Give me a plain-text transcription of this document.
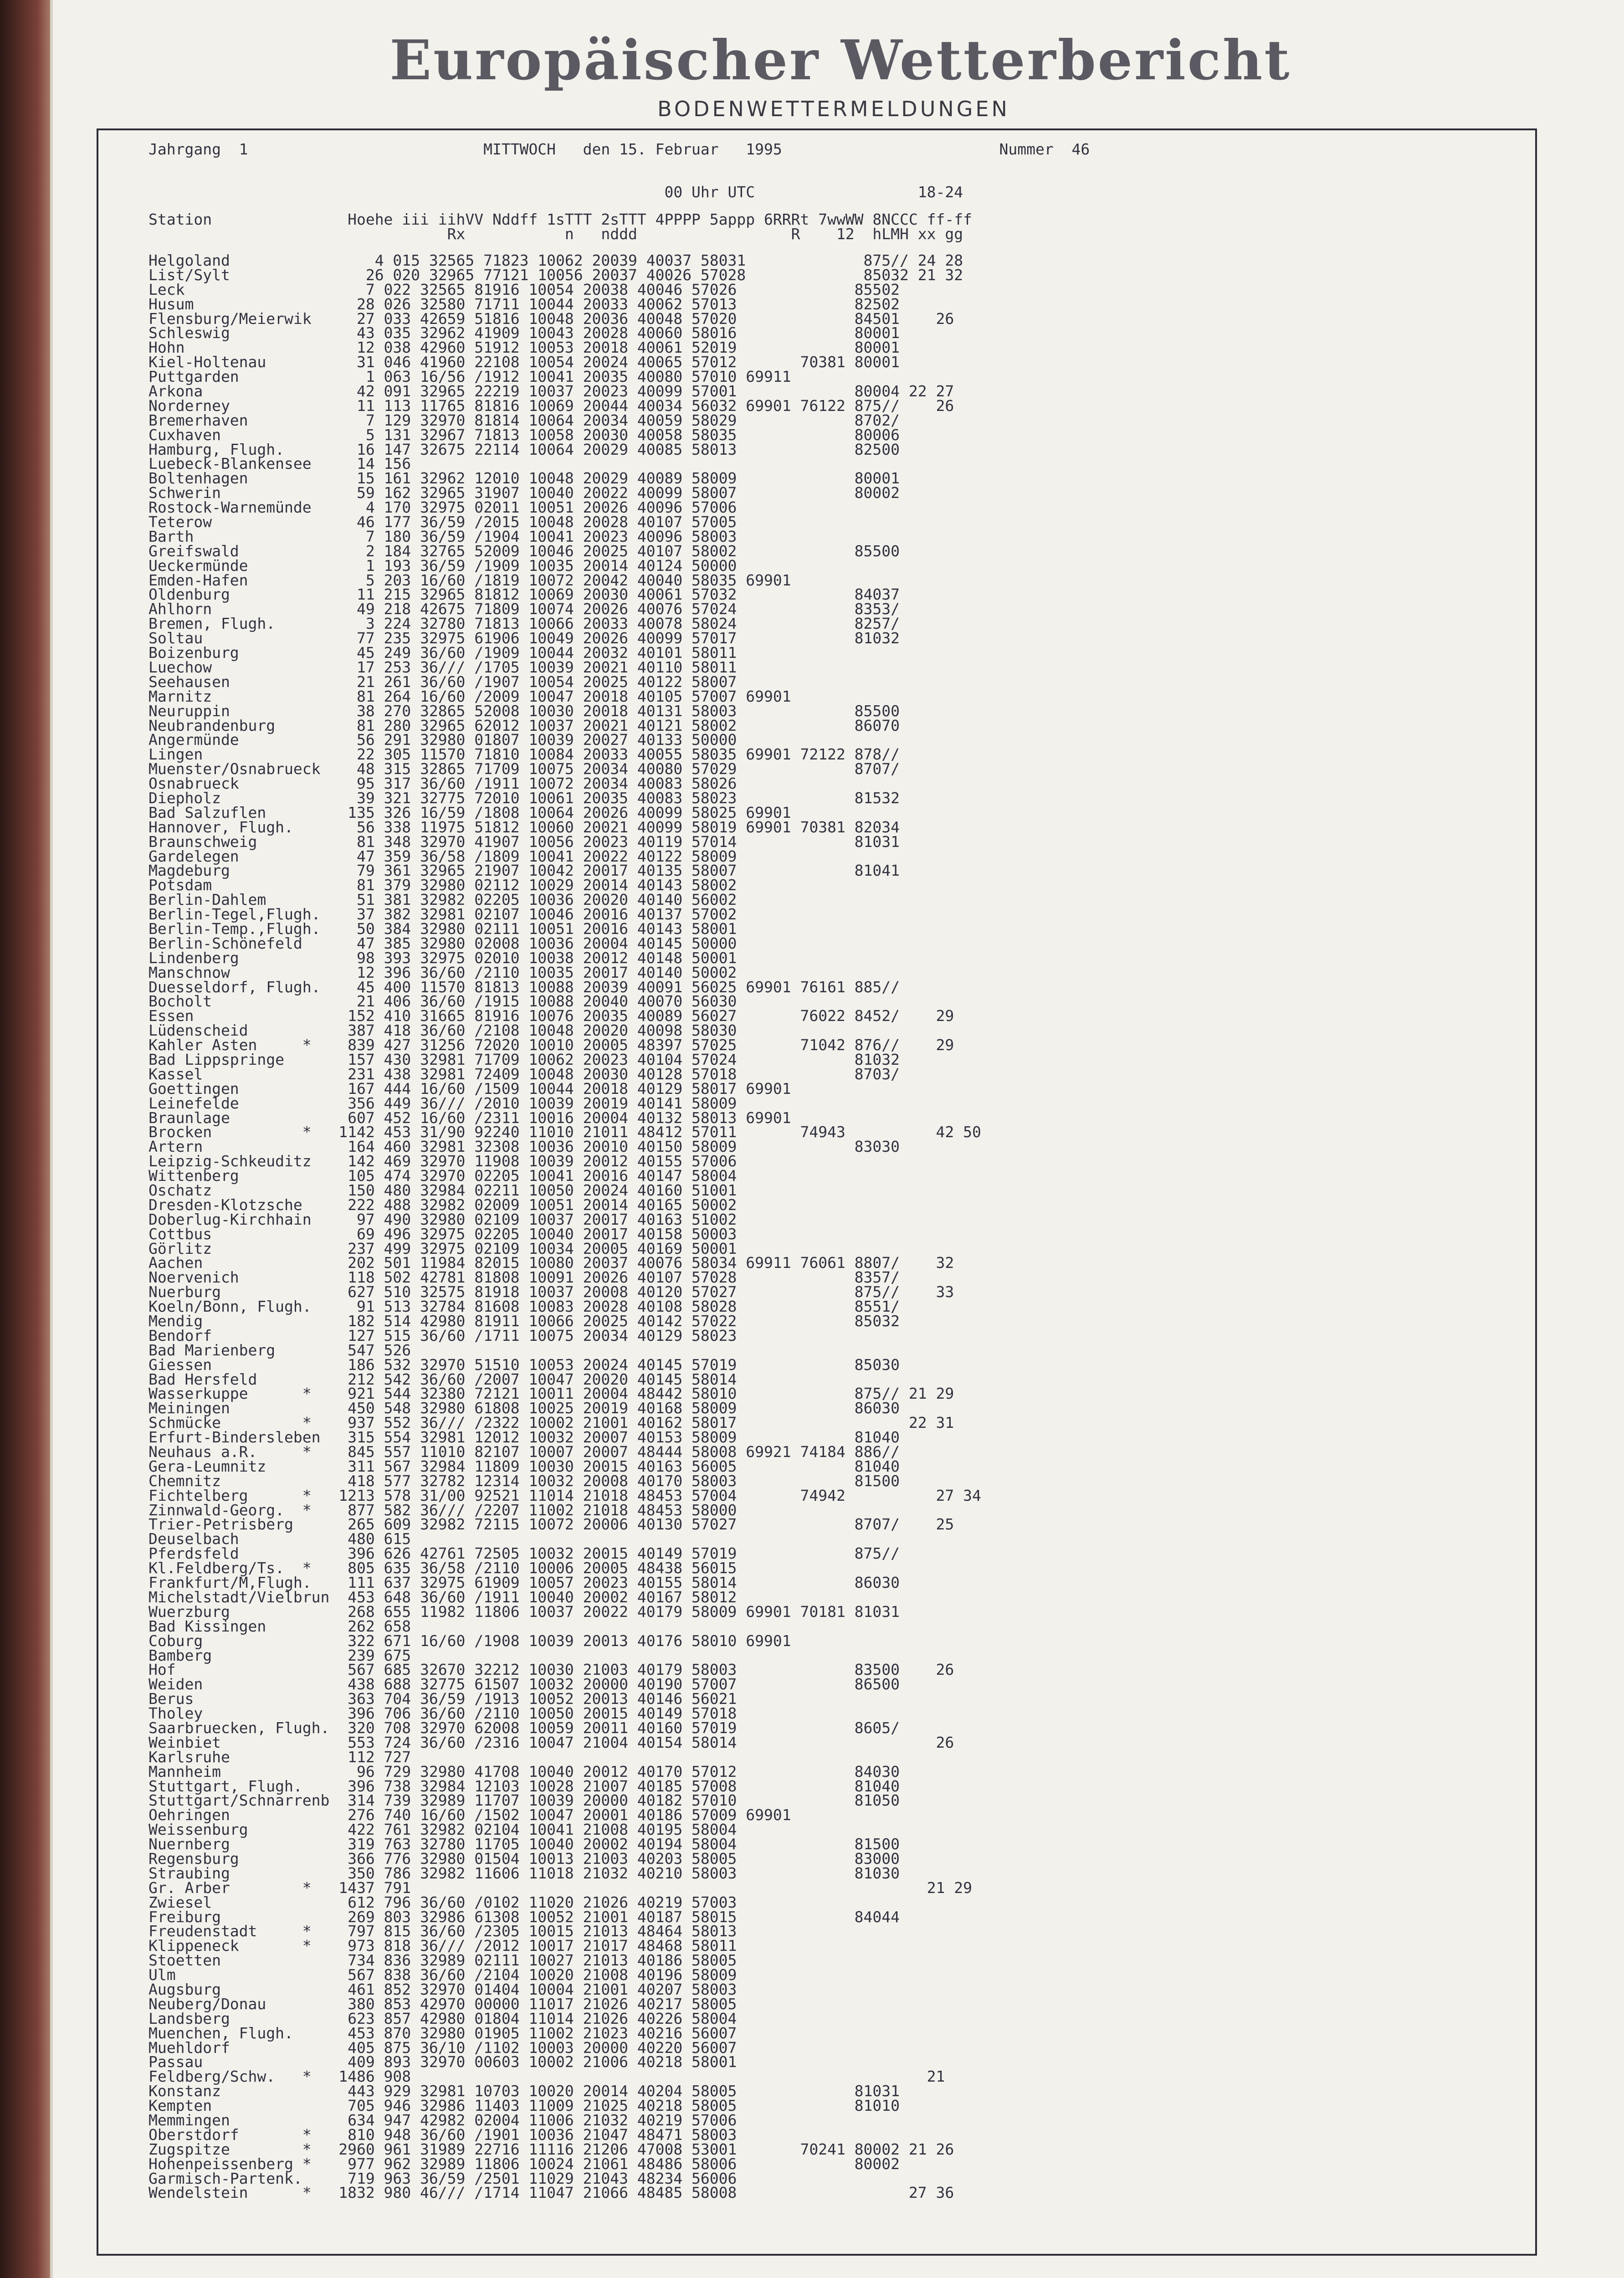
Europäischer Wetterbericht
BODENWETTERMELDUNGEN
Jahrgang  1                          MITTWOCH   den 15. Februar   1995                        Nummer  46
00 Uhr UTC                  18-24
Station               Hoehe iii iihVV Nddff 1sTTT 2sTTT 4PPPP 5appp 6RRRt 7wwWW 8NCCC ff-ff
Rx           n   nddd                 R    12  hLMH xx gg
Helgoland                4 015 32565 71823 10062 20039 40037 58031             875// 24 28
List/Sylt               26 020 32965 77121 10056 20037 40026 57028             85032 21 32
Leck                    7 022 32565 81916 10054 20038 40046 57026             85502
Husum                  28 026 32580 71711 10044 20033 40062 57013             82502
Flensburg/Meierwik     27 033 42659 51816 10048 20036 40048 57020             84501    26
Schleswig              43 035 32962 41909 10043 20028 40060 58016             80001
Hohn                   12 038 42960 51912 10053 20018 40061 52019             80001
Kiel-Holtenau          31 046 41960 22108 10054 20024 40065 57012       70381 80001
Puttgarden              1 063 16/56 /1912 10041 20035 40080 57010 69911
Arkona                 42 091 32965 22219 10037 20023 40099 57001             80004 22 27
Norderney              11 113 11765 81816 10069 20044 40034 56032 69901 76122 875//    26
Bremerhaven             7 129 32970 81814 10064 20034 40059 58029             8702/
Cuxhaven                5 131 32967 71813 10058 20030 40058 58035             80006
Hamburg, Flugh.        16 147 32675 22114 10064 20029 40085 58013             82500
Luebeck-Blankensee     14 156
Boltenhagen            15 161 32962 12010 10048 20029 40089 58009             80001
Schwerin               59 162 32965 31907 10040 20022 40099 58007             80002
Rostock-Warnemünde      4 170 32975 02011 10051 20026 40096 57006
Teterow                46 177 36/59 /2015 10048 20028 40107 57005
Barth                   7 180 36/59 /1904 10041 20023 40096 58003
Greifswald              2 184 32765 52009 10046 20025 40107 58002             85500
Ueckermünde             1 193 36/59 /1909 10035 20014 40124 50000
Emden-Hafen             5 203 16/60 /1819 10072 20042 40040 58035 69901
Oldenburg              11 215 32965 81812 10069 20030 40061 57032             84037
Ahlhorn                49 218 42675 71809 10074 20026 40076 57024             8353/
Bremen, Flugh.          3 224 32780 71813 10066 20033 40078 58024             8257/
Soltau                 77 235 32975 61906 10049 20026 40099 57017             81032
Boizenburg             45 249 36/60 /1909 10044 20032 40101 58011
Luechow                17 253 36/// /1705 10039 20021 40110 58011
Seehausen              21 261 36/60 /1907 10054 20025 40122 58007
Marnitz                81 264 16/60 /2009 10047 20018 40105 57007 69901
Neuruppin              38 270 32865 52008 10030 20018 40131 58003             85500
Neubrandenburg         81 280 32965 62012 10037 20021 40121 58002             86070
Angermünde             56 291 32980 01807 10039 20027 40133 50000
Lingen                 22 305 11570 71810 10084 20033 40055 58035 69901 72122 878//
Muenster/Osnabrueck    48 315 32865 71709 10075 20034 40080 57029             8707/
Osnabrueck             95 317 36/60 /1911 10072 20034 40083 58026
Diepholz               39 321 32775 72010 10061 20035 40083 58023             81532
Bad Salzuflen         135 326 16/59 /1808 10064 20026 40099 58025 69901
Hannover, Flugh.       56 338 11975 51812 10060 20021 40099 58019 69901 70381 82034
Braunschweig           81 348 32970 41907 10056 20023 40119 57014             81031
Gardelegen             47 359 36/58 /1809 10041 20022 40122 58009
Magdeburg              79 361 32965 21907 10042 20017 40135 58007             81041
Potsdam                81 379 32980 02112 10029 20014 40143 58002
Berlin-Dahlem          51 381 32982 02205 10036 20020 40140 56002
Berlin-Tegel,Flugh.    37 382 32981 02107 10046 20016 40137 57002
Berlin-Temp.,Flugh.    50 384 32980 02111 10051 20016 40143 58001
Berlin-Schönefeld      47 385 32980 02008 10036 20004 40145 50000
Lindenberg             98 393 32975 02010 10038 20012 40148 50001
Manschnow              12 396 36/60 /2110 10035 20017 40140 50002
Duesseldorf, Flugh.    45 400 11570 81813 10088 20039 40091 56025 69901 76161 885//
Bocholt                21 406 36/60 /1915 10088 20040 40070 56030
Essen                 152 410 31665 81916 10076 20035 40089 56027       76022 8452/    29
Lüdenscheid           387 418 36/60 /2108 10048 20020 40098 58030
Kahler Asten     *    839 427 31256 72020 10010 20005 48397 57025       71042 876//    29
Bad Lippspringe       157 430 32981 71709 10062 20023 40104 57024             81032
Kassel                231 438 32981 72409 10048 20030 40128 57018             8703/
Goettingen            167 444 16/60 /1509 10044 20018 40129 58017 69901
Leinefelde            356 449 36/// /2010 10039 20019 40141 58009
Braunlage             607 452 16/60 /2311 10016 20004 40132 58013 69901
Brocken          *   1142 453 31/90 92240 11010 21011 48412 57011       74943          42 50
Artern                164 460 32981 32308 10036 20010 40150 58009             83030
Leipzig-Schkeuditz    142 469 32970 11908 10039 20012 40155 57006
Wittenberg            105 474 32970 02205 10041 20016 40147 58004
Oschatz               150 480 32984 02211 10050 20024 40160 51001
Dresden-Klotzsche     222 488 32982 02009 10051 20014 40165 50002
Doberlug-Kirchhain     97 490 32980 02109 10037 20017 40163 51002
Cottbus                69 496 32975 02205 10040 20017 40158 50003
Görlitz               237 499 32975 02109 10034 20005 40169 50001
Aachen                202 501 11984 82015 10080 20037 40076 58034 69911 76061 8807/    32
Noervenich            118 502 42781 81808 10091 20026 40107 57028             8357/
Nuerburg              627 510 32575 81918 10037 20008 40120 57027             875//    33
Koeln/Bonn, Flugh.     91 513 32784 81608 10083 20028 40108 58028             8551/
Mendig                182 514 42980 81911 10066 20025 40142 57022             85032
Bendorf               127 515 36/60 /1711 10075 20034 40129 58023
Bad Marienberg        547 526
Giessen               186 532 32970 51510 10053 20024 40145 57019             85030
Bad Hersfeld          212 542 36/60 /2007 10047 20020 40145 58014
Wasserkuppe      *    921 544 32380 72121 10011 20004 48442 58010             875// 21 29
Meiningen             450 548 32980 61808 10025 20019 40168 58009             86030
Schmücke         *    937 552 36/// /2322 10002 21001 40162 58017                   22 31
Erfurt-Bindersleben   315 554 32981 12012 10032 20007 40153 58009             81040
Neuhaus a.R.     *    845 557 11010 82107 10007 20007 48444 58008 69921 74184 886//
Gera-Leumnitz         311 567 32984 11809 10030 20015 40163 56005             81040
Chemnitz              418 577 32782 12314 10032 20008 40170 58003             81500
Fichtelberg      *   1213 578 31/00 92521 11014 21018 48453 57004       74942          27 34
Zinnwald-Georg.  *    877 582 36/// /2207 11002 21018 48453 58000
Trier-Petrisberg      265 609 32982 72115 10072 20006 40130 57027             8707/    25
Deuselbach            480 615
Pferdsfeld            396 626 42761 72505 10032 20015 40149 57019             875//
Kl.Feldberg/Ts.  *    805 635 36/58 /2110 10006 20005 48438 56015
Frankfurt/M,Flugh.    111 637 32975 61909 10057 20023 40155 58014             86030
Michelstadt/Vielbrun  453 648 36/60 /1911 10040 20002 40167 58012
Wuerzburg             268 655 11982 11806 10037 20022 40179 58009 69901 70181 81031
Bad Kissingen         262 658
Coburg                322 671 16/60 /1908 10039 20013 40176 58010 69901
Bamberg               239 675
Hof                   567 685 32670 32212 10030 21003 40179 58003             83500    26
Weiden                438 688 32775 61507 10032 20000 40190 57007             86500
Berus                 363 704 36/59 /1913 10052 20013 40146 56021
Tholey                396 706 36/60 /2110 10050 20015 40149 57018
Saarbruecken, Flugh.  320 708 32970 62008 10059 20011 40160 57019             8605/
Weinbiet              553 724 36/60 /2316 10047 21004 40154 58014                      26
Karlsruhe             112 727
Mannheim               96 729 32980 41708 10040 20012 40170 57012             84030
Stuttgart, Flugh.     396 738 32984 12103 10028 21007 40185 57008             81040
Stuttgart/Schnarrenb  314 739 32989 11707 10039 20000 40182 57010             81050
Oehringen             276 740 16/60 /1502 10047 20001 40186 57009 69901
Weissenburg           422 761 32982 02104 10041 21008 40195 58004
Nuernberg             319 763 32780 11705 10040 20002 40194 58004             81500
Regensburg            366 776 32980 01504 10013 21003 40203 58005             83000
Straubing             350 786 32982 11606 11018 21032 40210 58003             81030
Gr. Arber        *   1437 791                                                         21 29
Zwiesel               612 796 36/60 /0102 11020 21026 40219 57003
Freiburg              269 803 32986 61308 10052 21001 40187 58015             84044
Freudenstadt     *    797 815 36/60 /2305 10015 21013 48464 58013
Klippeneck       *    973 818 36/// /2012 10017 21017 48468 58011
Stoetten              734 836 32989 02111 10027 21013 40186 58005
Ulm                   567 838 36/60 /2104 10020 21008 40196 58009
Augsburg              461 852 32970 01404 10004 21001 40207 58003
Neuberg/Donau         380 853 42970 00000 11017 21026 40217 58005
Landsberg             623 857 42980 01804 11014 21026 40226 58004
Muenchen, Flugh.      453 870 32980 01905 11002 21023 40216 56007
Muehldorf             405 875 36/10 /1102 10003 20000 40220 56007
Passau                409 893 32970 00603 10002 21006 40218 58001
Feldberg/Schw.   *   1486 908                                                         21
Konstanz              443 929 32981 10703 10020 20014 40204 58005             81031
Kempten               705 946 32986 11403 11009 21025 40218 58005             81010
Memmingen             634 947 42982 02004 11006 21032 40219 57006
Oberstdorf       *    810 948 36/60 /1901 10036 21047 48471 58003
Zugspitze        *   2960 961 31989 22716 11116 21206 47008 53001       70241 80002 21 26
Hohenpeissenberg *    977 962 32989 11806 10024 21061 48486 58006             80002
Garmisch-Partenk.     719 963 36/59 /2501 11029 21043 48234 56006
Wendelstein      *   1832 980 46/// /1714 11047 21066 48485 58008                   27 36
